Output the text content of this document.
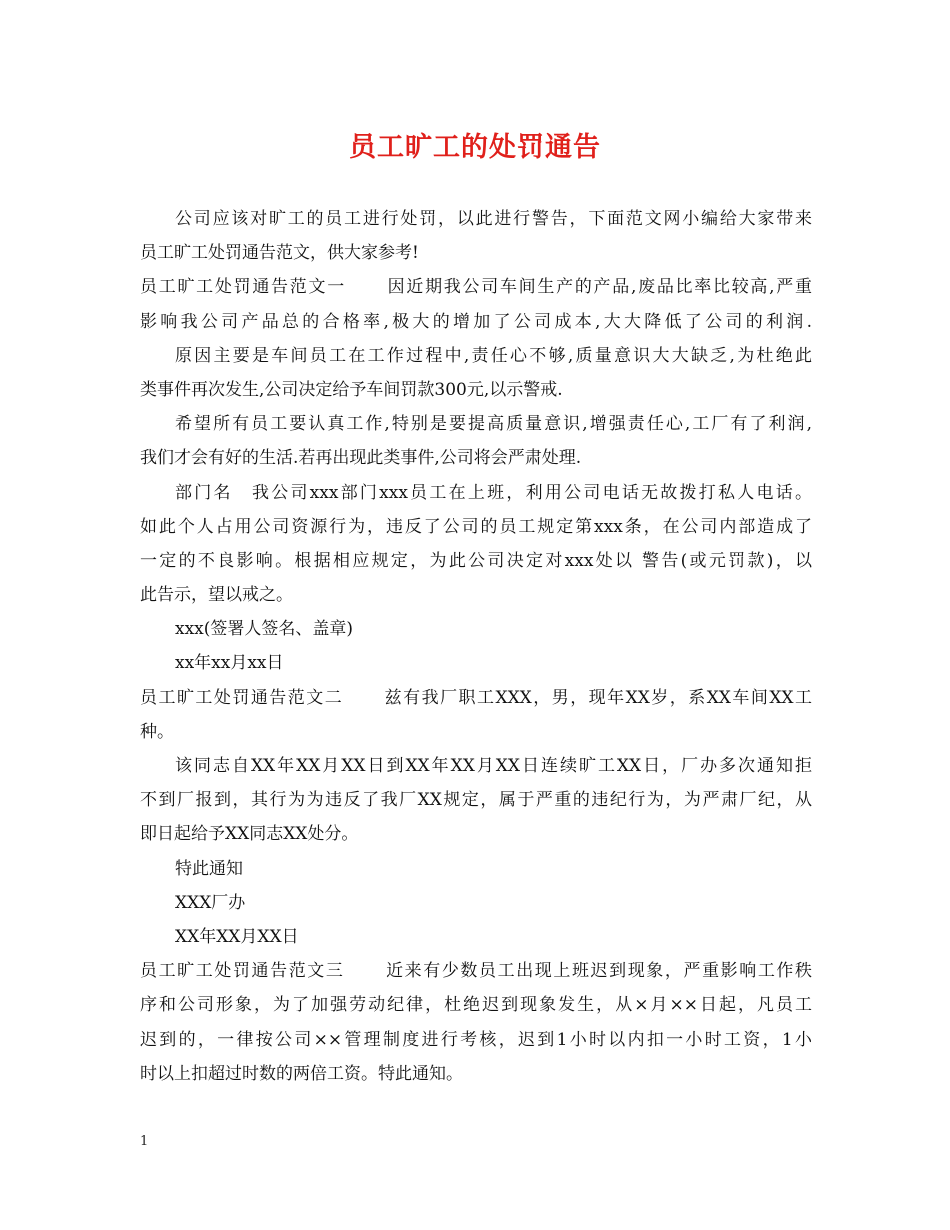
员工旷工的处罚通告
公司应该对旷工的员工进行处罚，以此进行警告，下面范文网小编给大家带来
员工旷工处罚通告范文，供大家参考!
员工旷工处罚通告范文一 因近期我公司车间生产的产品,废品比率比较高,严重
影响我公司产品总的合格率,极大的增加了公司成本,大大降低了公司的利润.
原因主要是车间员工在工作过程中,责任心不够,质量意识大大缺乏,为杜绝此
类事件再次发生,公司决定给予车间罚款300元,以示警戒.
希望所有员工要认真工作,特别是要提高质量意识,增强责任心,工厂有了利润,
我们才会有好的生活.若再出现此类事件,公司将会严肃处理.
部门名　我公司xxx部门xxx员工在上班，利用公司电话无故拨打私人电话。
如此个人占用公司资源行为，违反了公司的员工规定第xxx条，在公司内部造成了
一定的不良影响。根据相应规定，为此公司决定对xxx处以 警告(或元罚款)，以
此告示，望以戒之。
xxx(签署人签名、盖章)
xx年xx月xx日
员工旷工处罚通告范文二 兹有我厂职工XXX，男，现年XX岁，系XX车间XX工
种。
该同志自XX年XX月XX日到XX年XX月XX日连续旷工XX日，厂办多次通知拒
不到厂报到，其行为为违反了我厂XX规定，属于严重的违纪行为，为严肃厂纪，从
即日起给予XX同志XX处分。
特此通知
XXX厂办
XX年XX月XX日
员工旷工处罚通告范文三 近来有少数员工出现上班迟到现象，严重影响工作秩
序和公司形象，为了加强劳动纪律，杜绝迟到现象发生，从×月××日起，凡员工
迟到的，一律按公司××管理制度进行考核，迟到1小时以内扣一小时工资，1小
时以上扣超过时数的两倍工资。特此通知。
1
